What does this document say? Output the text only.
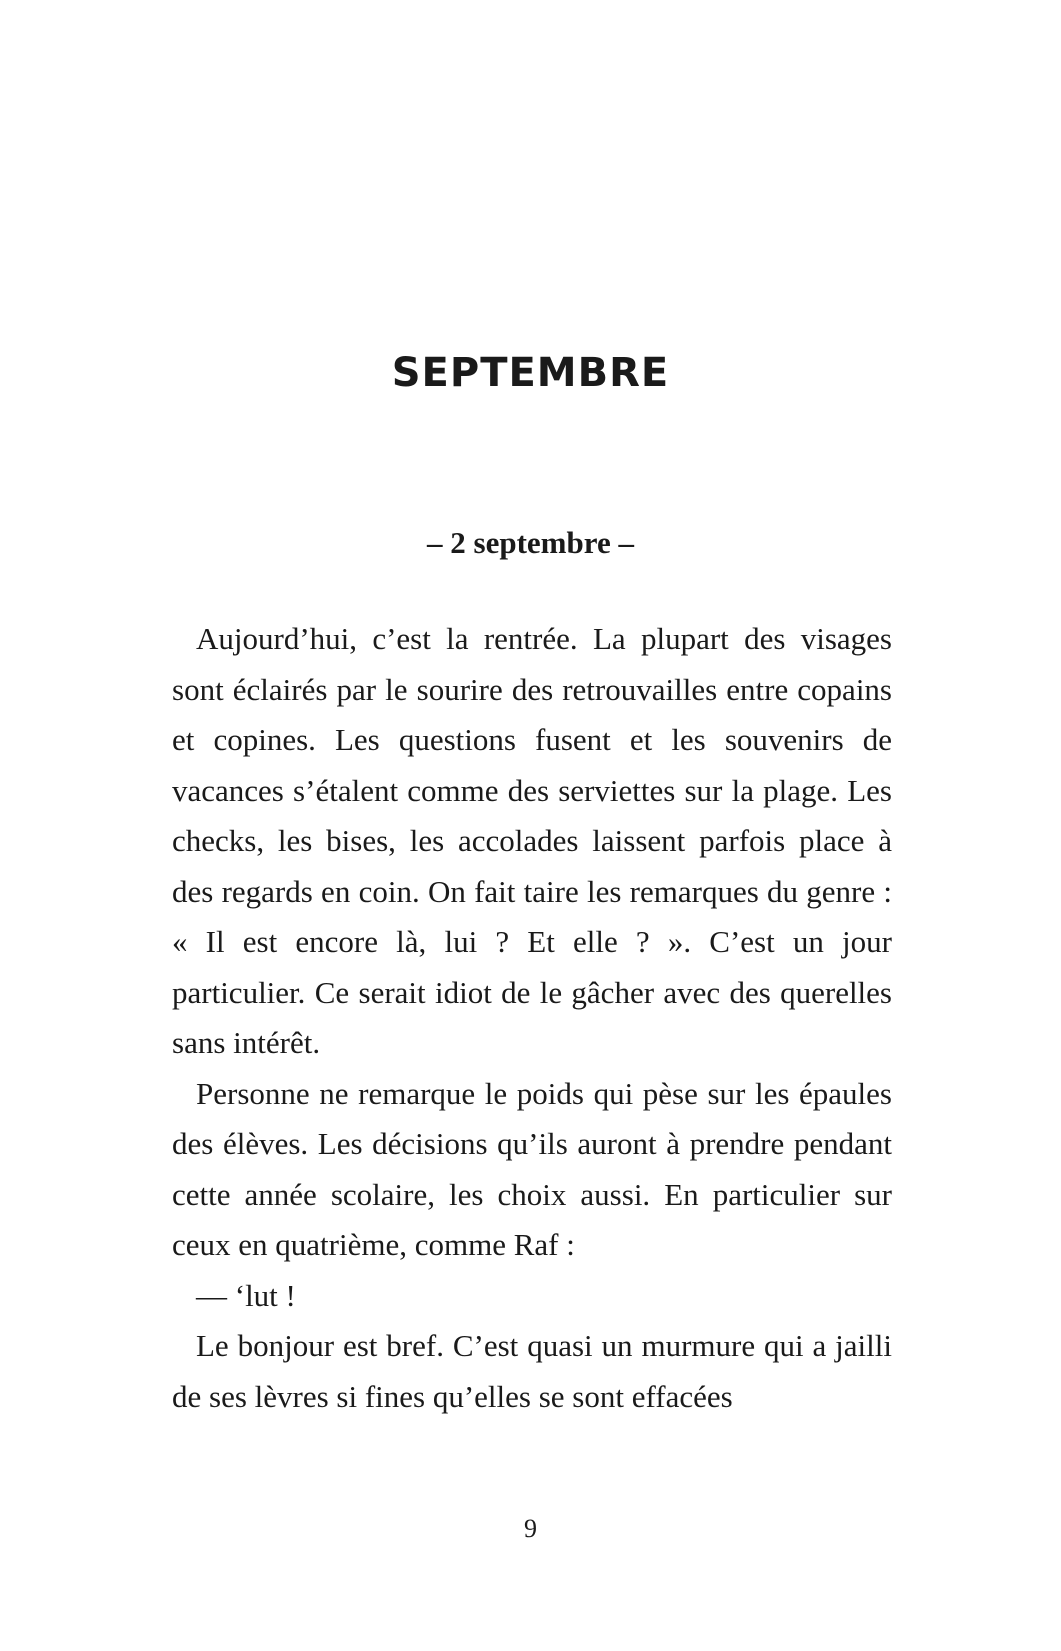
SEPTEMBRE
– 2 septembre –

Aujourd’hui, c’est la rentrée. La plupart des visages sont éclairés par le sourire des retrouvailles entre copains et copines. Les questions fusent et les souvenirs de vacances s’étalent comme des serviettes sur la plage. Les checks, les bises, les accolades laissent parfois place à des regards en coin. On fait taire les remarques du genre : « Il est encore là, lui ? Et elle ? ». C’est un jour particulier. Ce serait idiot de le gâcher avec des querelles sans intérêt.

Personne ne remarque le poids qui pèse sur les épaules des élèves. Les décisions qu’ils auront à prendre pendant cette année scolaire, les choix aussi. En particulier sur ceux en quatrième, comme Raf :

— ‘lut !

Le bonjour est bref. C’est quasi un murmure qui a jailli de ses lèvres si fines qu’elles se sont effacées

9
